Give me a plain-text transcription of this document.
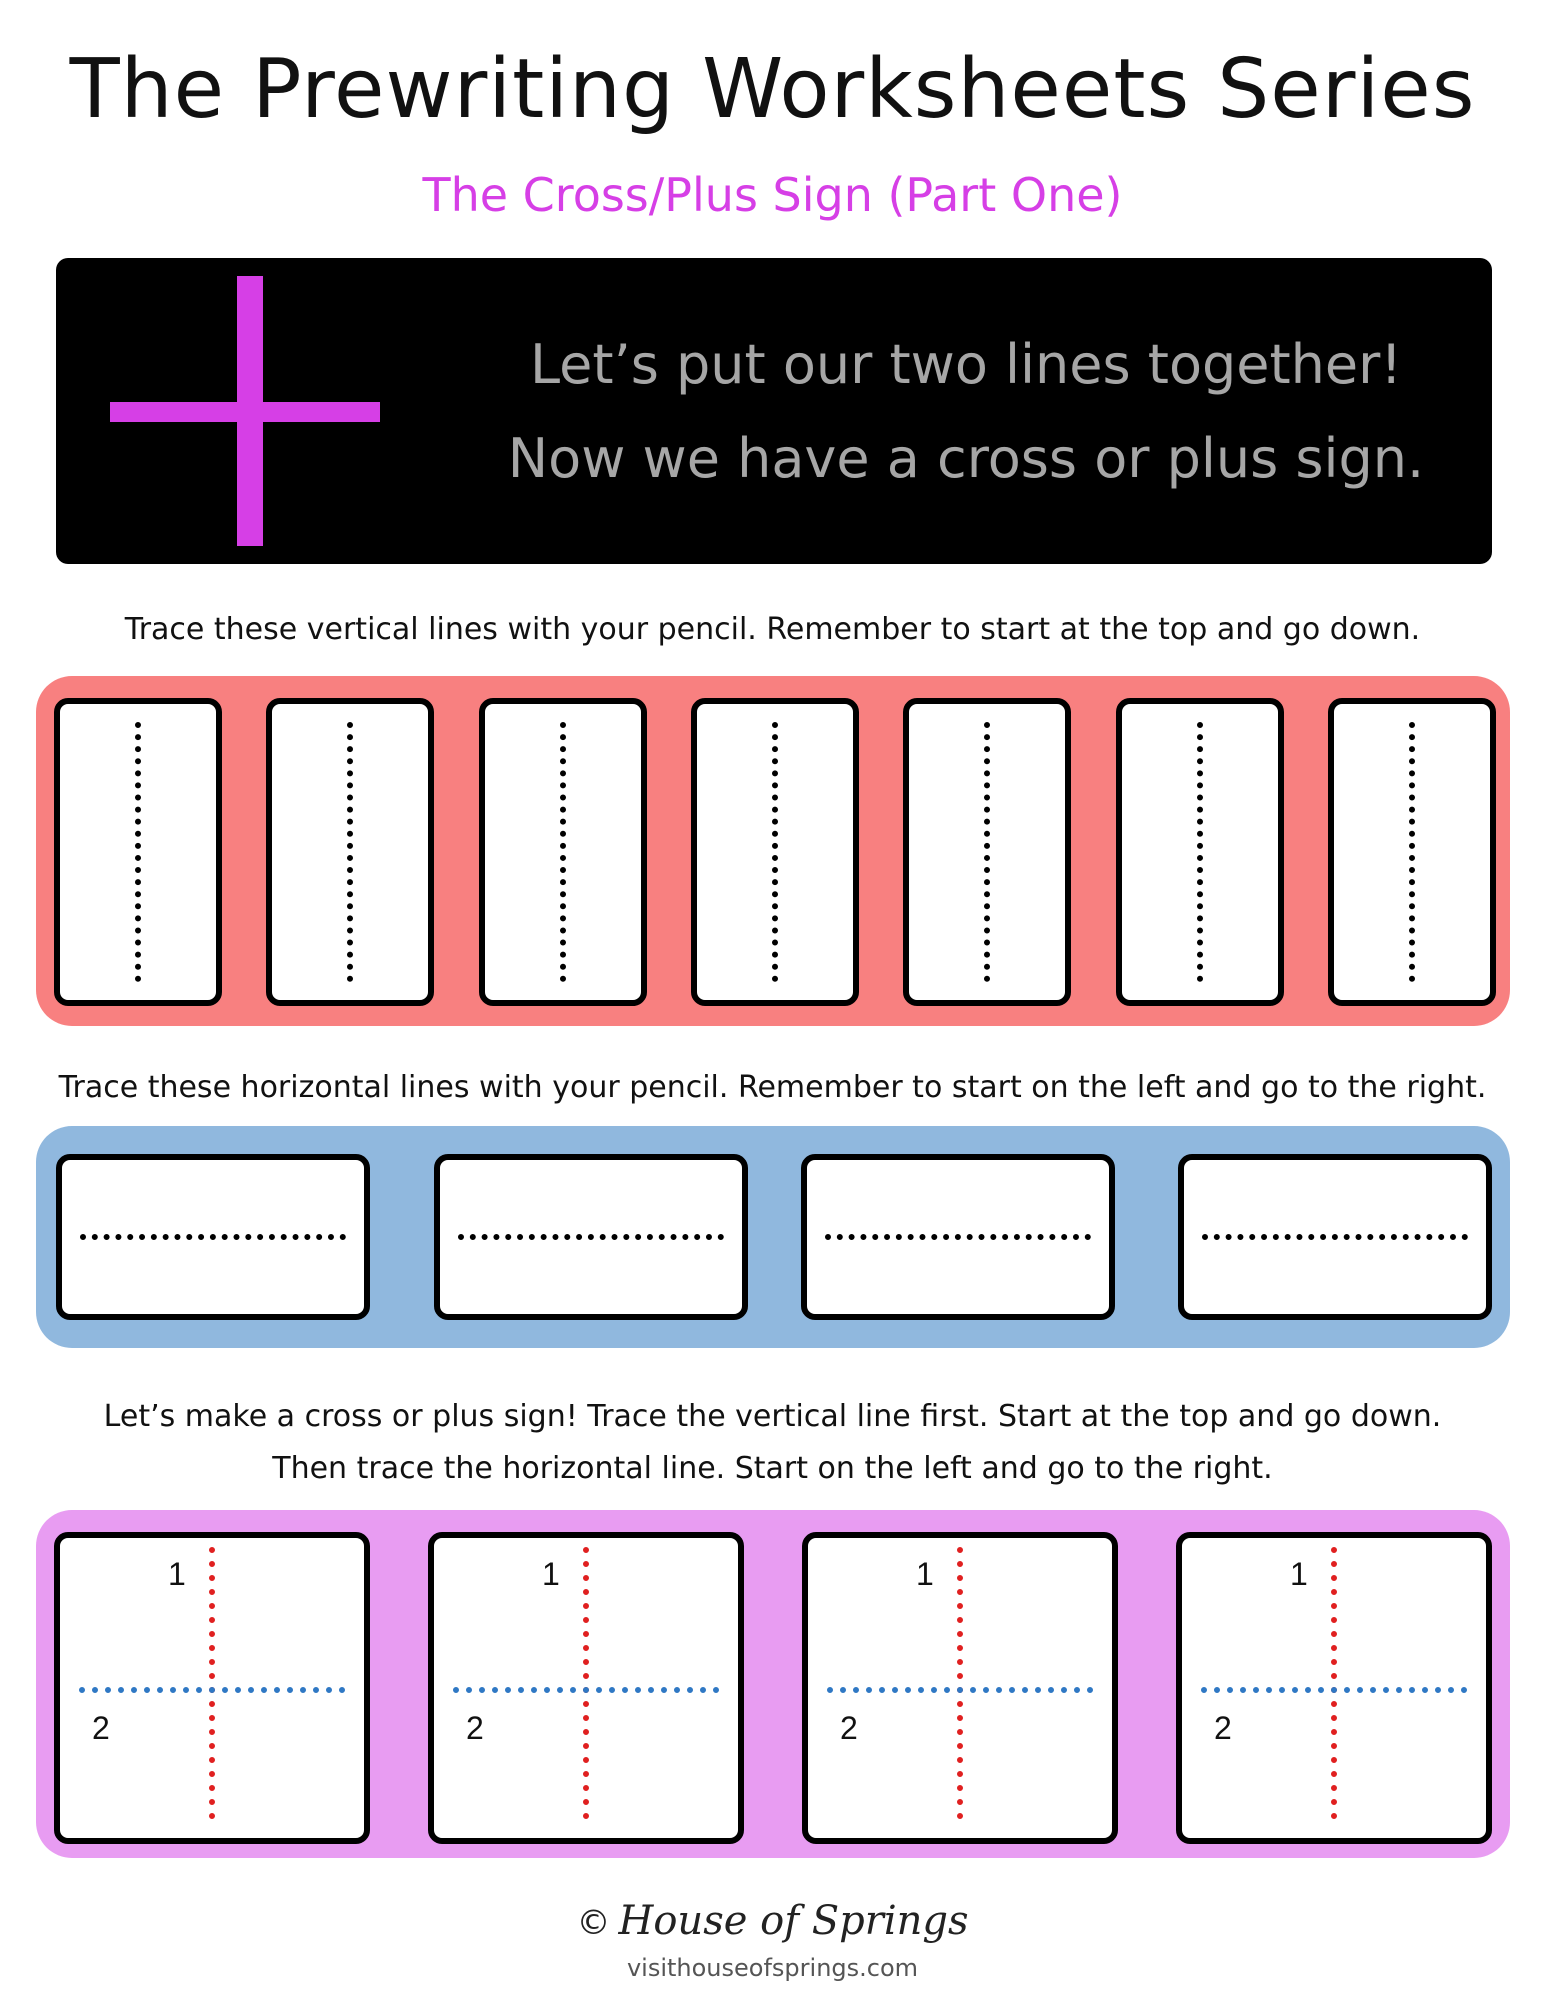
The Prewriting Worksheets Series
The Cross/Plus Sign (Part One)
Let’s put our two lines together!
Now we have a cross or plus sign.
Trace these vertical lines with your pencil. Remember to start at the top and go down.
Trace these horizontal lines with your pencil. Remember to start on the left and go to the right.
Let’s make a cross or plus sign! Trace the vertical line first. Start at the top and go down.
Then trace the horizontal line. Start on the left and go to the right.
1
2
1
2
1
2
1
2
© House of Springs
visithouseofsprings.com
